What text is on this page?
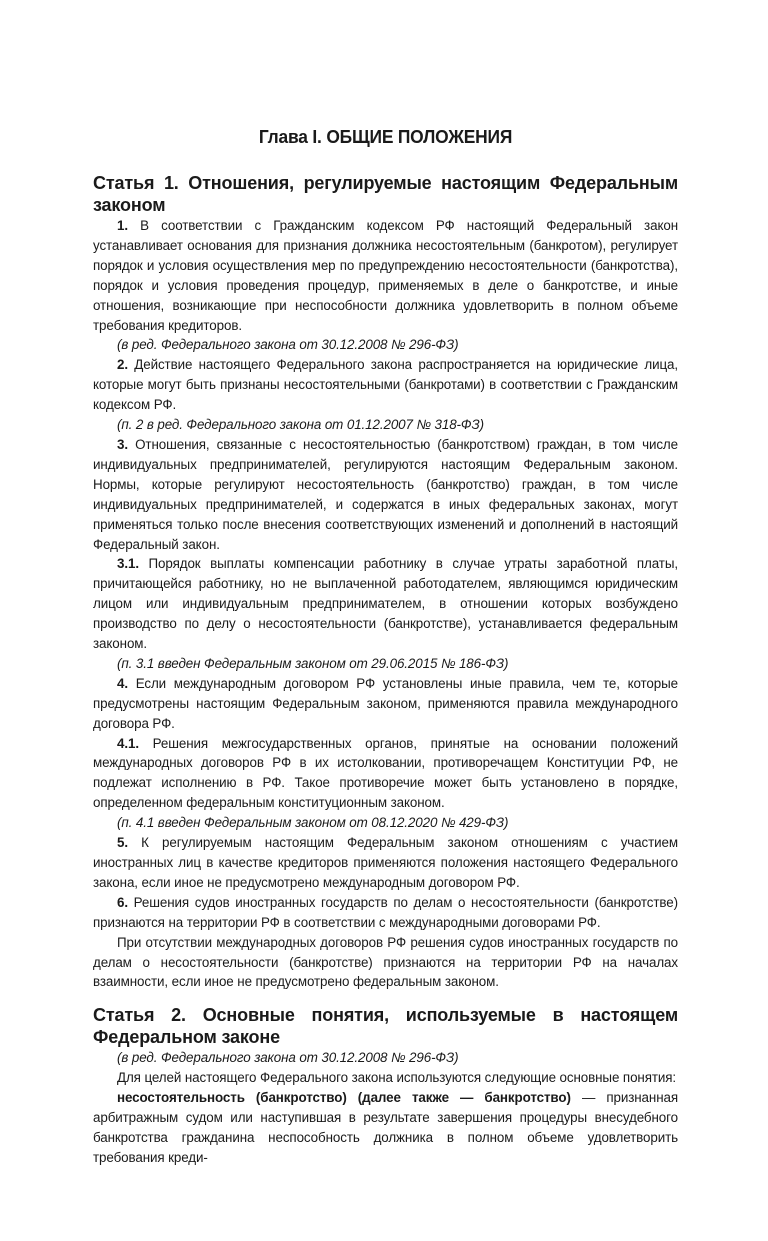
Глава I. ОБЩИЕ ПОЛОЖЕНИЯ
Статья 1. Отношения, регулируемые настоящим Федеральным законом

1. В соответствии с Гражданским кодексом РФ настоящий Федеральный закон устанавливает основания для признания должника несостоятельным (банкротом), регулирует порядок и условия осуществления мер по предупреждению несостоятельности (банкротства), порядок и условия проведения процедур, применяемых в деле о банкротстве, и иные отношения, возникающие при неспособности должника удовлетворить в полном объеме требования кредиторов.

(в ред. Федерального закона от 30.12.2008 № 296-ФЗ)

2. Действие настоящего Федерального закона распространяется на юридические лица, которые могут быть признаны несостоятельными (банкротами) в соответствии с Гражданским кодексом РФ.

(п. 2 в ред. Федерального закона от 01.12.2007 № 318-ФЗ)

3. Отношения, связанные с несостоятельностью (банкротством) граждан, в том числе индивидуальных предпринимателей, регулируются настоящим Федеральным законом. Нормы, которые регулируют несостоятельность (банкротство) граждан, в том числе индивидуальных предпринимателей, и содержатся в иных федеральных законах, могут применяться только после внесения соответствующих изменений и дополнений в настоящий Федеральный закон.

3.1. Порядок выплаты компенсации работнику в случае утраты заработной платы, причитающейся работнику, но не выплаченной работодателем, являющимся юридическим лицом или индивидуальным предпринимателем, в отношении которых возбуждено производство по делу о несостоятельности (банкротстве), устанавливается федеральным законом.

(п. 3.1 введен Федеральным законом от 29.06.2015 № 186-ФЗ)

4. Если международным договором РФ установлены иные правила, чем те, которые предусмотрены настоящим Федеральным законом, применяются правила международного договора РФ.

4.1. Решения межгосударственных органов, принятые на основании положений международных договоров РФ в их истолковании, противоречащем Конституции РФ, не подлежат исполнению в РФ. Такое противоречие может быть установлено в порядке, определенном федеральным конституционным законом.

(п. 4.1 введен Федеральным законом от 08.12.2020 № 429-ФЗ)

5. К регулируемым настоящим Федеральным законом отношениям с участием иностранных лиц в качестве кредиторов применяются положения настоящего Федерального закона, если иное не предусмотрено международным договором РФ.

6. Решения судов иностранных государств по делам о несостоятельности (банкротстве) признаются на территории РФ в соответствии с международными договорами РФ.

При отсутствии международных договоров РФ решения судов иностранных государств по делам о несостоятельности (банкротстве) признаются на территории РФ на началах взаимности, если иное не предусмотрено федеральным законом.

Статья 2. Основные понятия, используемые в настоящем Федеральном законе

(в ред. Федерального закона от 30.12.2008 № 296-ФЗ)

Для целей настоящего Федерального закона используются следующие основные понятия:

несостоятельность (банкротство) (далее также — банкротство) — признанная арбитражным судом или наступившая в результате завершения процедуры внесудебного банкротства гражданина неспособность должника в полном объеме удовлетворить требования креди-
